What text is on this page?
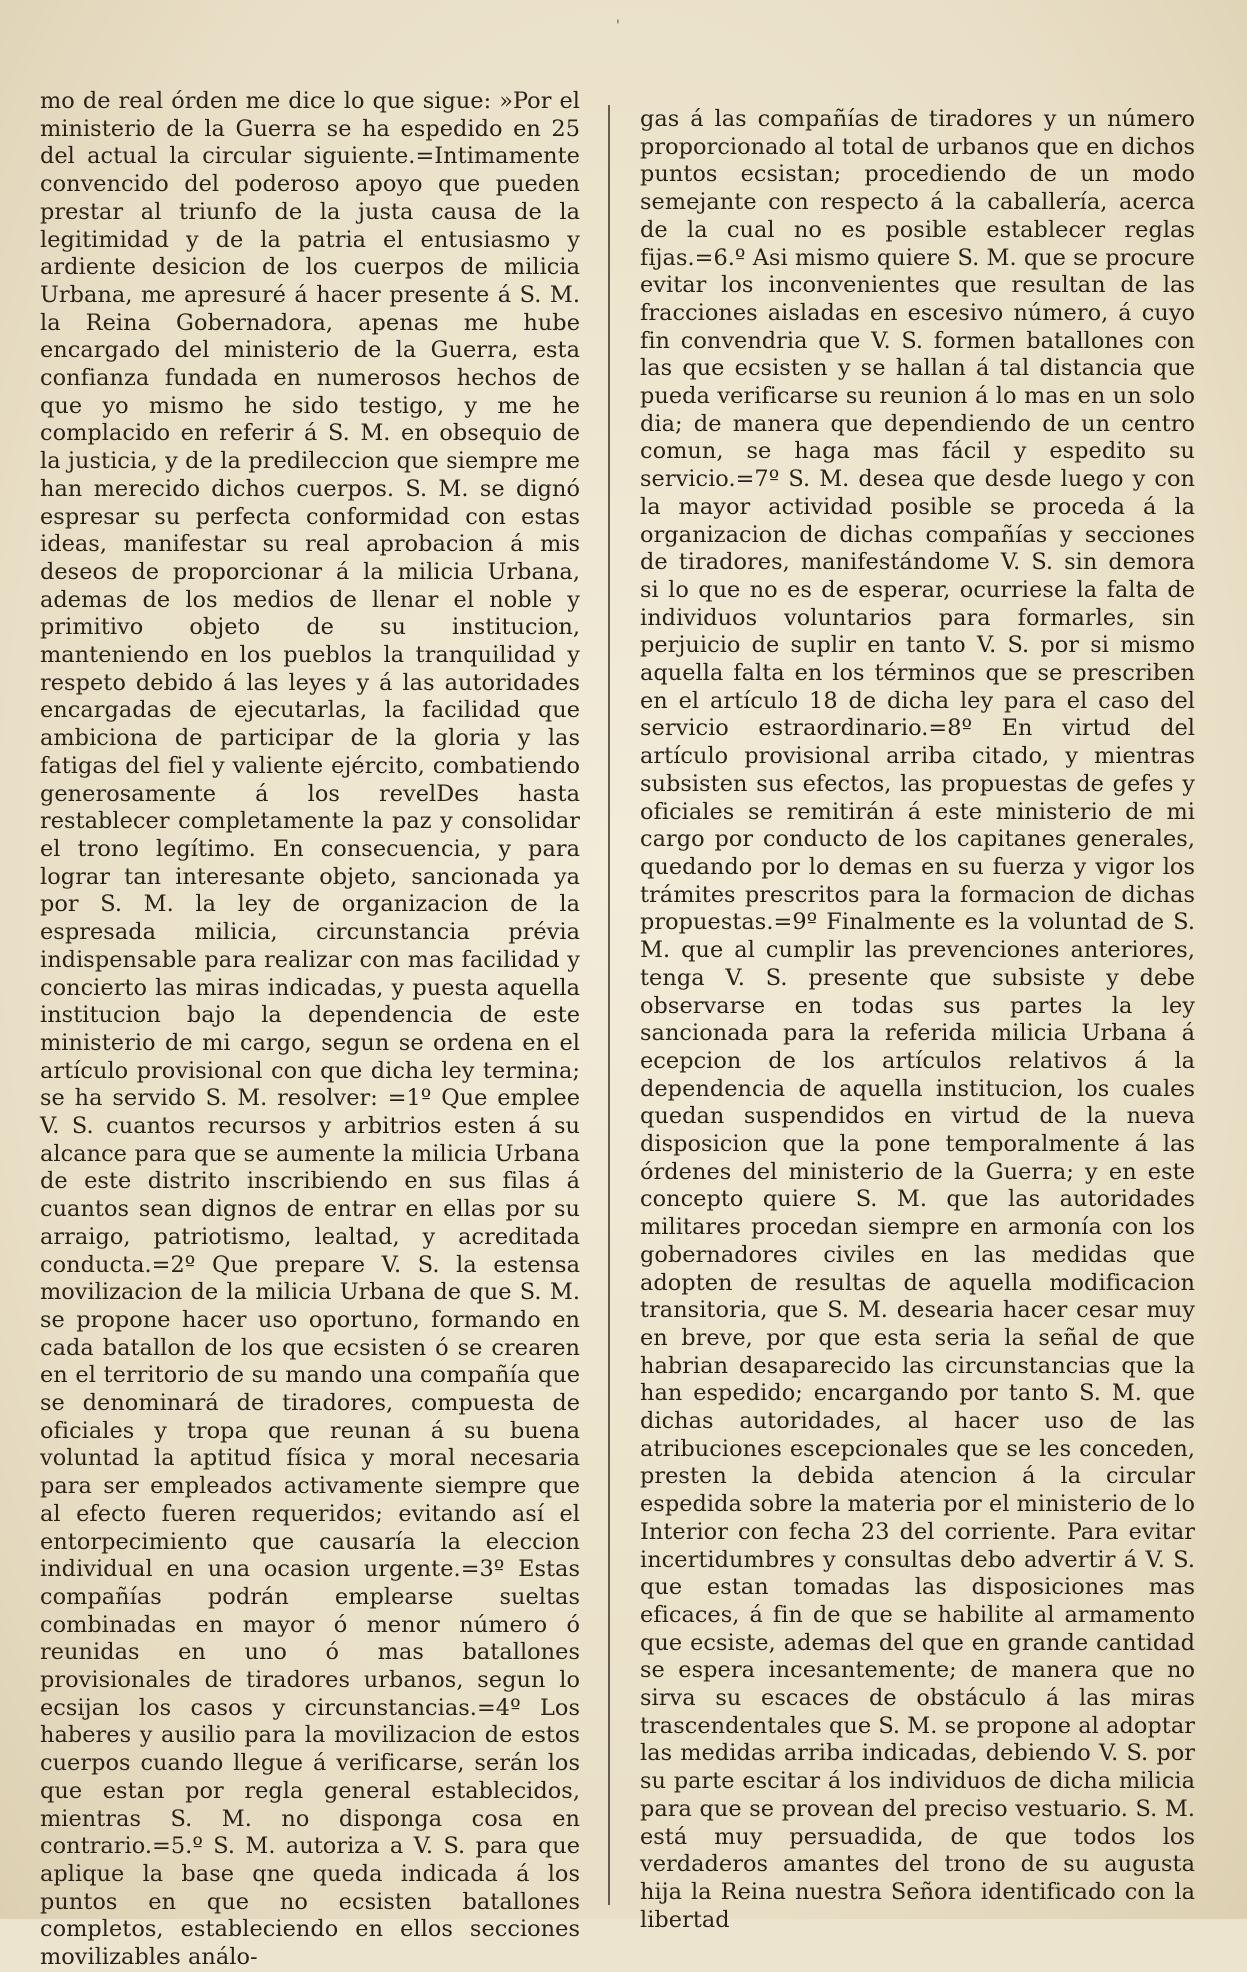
'
mo de real órden me dice lo que sigue: »Por el ministerio de la Guerra se ha espedido en 25 del actual la circular siguiente.=Intimamente convencido del poderoso apoyo que pueden prestar al triunfo de la justa causa de la legitimidad y de la patria el entusiasmo y ardiente desicion de los cuerpos de milicia Urbana, me apresuré á hacer presente á S. M. la Reina Gobernadora, apenas me hube encargado del ministerio de la Guerra, esta confianza fundada en numerosos hechos de que yo mismo he sido testigo, y me he complacido en referir á S. M. en obsequio de la justicia, y de la predileccion que siempre me han merecido dichos cuerpos. S. M. se dignó espresar su perfecta conformidad con estas ideas, manifestar su real aprobacion á mis deseos de proporcionar á la milicia Urbana, ademas de los medios de llenar el noble y primitivo objeto de su institucion, manteniendo en los pueblos la tranquilidad y respeto debido á las leyes y á las autoridades encargadas de ejecutarlas, la facilidad que ambiciona de participar de la gloria y las fatigas del fiel y valiente ejército, combatiendo generosamente á los revelDes hasta restablecer completamente la paz y consolidar el trono legítimo. En consecuencia, y para lograr tan interesante objeto, sancionada ya por S. M. la ley de organizacion de la espresada milicia, circunstancia prévia indispensable para realizar con mas facilidad y concierto las miras indicadas, y puesta aquella institucion bajo la dependencia de este ministerio de mi cargo, segun se ordena en el artículo provisional con que dicha ley termina; se ha servido S. M. resolver: =1º Que emplee V. S. cuantos recursos y arbitrios esten á su alcance para que se aumente la milicia Urbana de este distrito inscribiendo en sus filas á cuantos sean dignos de entrar en ellas por su arraigo, patriotismo, lealtad, y acreditada conducta.=2º Que prepare V. S. la estensa movilizacion de la milicia Urbana de que S. M. se propone hacer uso oportuno, formando en cada batallon de los que ecsisten ó se crearen en el territorio de su mando una compañía que se denominará de tiradores, compuesta de oficiales y tropa que reunan á su buena voluntad la aptitud física y moral necesaria para ser empleados activamente siempre que al efecto fueren requeridos; evitando así el entorpecimiento que causaría la eleccion individual en una ocasion urgente.=3º Estas compañías podrán emplearse sueltas combinadas en mayor ó menor número ó reunidas en uno ó mas batallones provisionales de tiradores urbanos, segun lo ecsijan los casos y circunstancias.=4º Los haberes y ausilio para la movilizacion de estos cuerpos cuando llegue á verificarse, serán los que estan por regla general establecidos, mientras S. M. no disponga cosa en contrario.=5.º S. M. autoriza a V. S. para que aplique la base qne queda indicada á los puntos en que no ecsisten batallones completos, estableciendo en ellos secciones movilizables análo-
gas á las compañías de tiradores y un número proporcionado al total de urbanos que en dichos puntos ecsistan; procediendo de un modo semejante con respecto á la caballería, acerca de la cual no es posible establecer reglas fijas.=6.º Asi mismo quiere S. M. que se procure evitar los inconvenientes que resultan de las fracciones aisladas en escesivo número, á cuyo fin convendria que V. S. formen batallones con las que ecsisten y se hallan á tal distancia que pueda verificarse su reunion á lo mas en un solo dia; de manera que dependiendo de un centro comun, se haga mas fácil y espedito su servicio.=7º S. M. desea que desde luego y con la mayor actividad posible se proceda á la organizacion de dichas compañías y secciones de tiradores, manifestándome V. S. sin demora si lo que no es de esperar, ocurriese la falta de individuos voluntarios para formarles, sin perjuicio de suplir en tanto V. S. por si mismo aquella falta en los términos que se prescriben en el artículo 18 de dicha ley para el caso del servicio estraordinario.=8º En virtud del artículo provisional arriba citado, y mientras subsisten sus efectos, las propuestas de gefes y oficiales se remitirán á este ministerio de mi cargo por conducto de los capitanes generales, quedando por lo demas en su fuerza y vigor los trámites prescritos para la formacion de dichas propuestas.=9º Finalmente es la voluntad de S. M. que al cumplir las prevenciones anteriores, tenga V. S. presente que subsiste y debe observarse en todas sus partes la ley sancionada para la referida milicia Urbana á ecepcion de los artículos relativos á la dependencia de aquella institucion, los cuales quedan suspendidos en virtud de la nueva disposicion que la pone temporalmente á las órdenes del ministerio de la Guerra; y en este concepto quiere S. M. que las autoridades militares procedan siempre en armonía con los gobernadores civiles en las medidas que adopten de resultas de aquella modificacion transitoria, que S. M. desearia hacer cesar muy en breve, por que esta seria la señal de que habrian desaparecido las circunstancias que la han espedido; encargando por tanto S. M. que dichas autoridades, al hacer uso de las atribuciones escepcionales que se les conceden, presten la debida atencion á la circular espedida sobre la materia por el ministerio de lo Interior con fecha 23 del corriente. Para evitar incertidumbres y consultas debo advertir á V. S. que estan tomadas las disposiciones mas eficaces, á fin de que se habilite al armamento que ecsiste, ademas del que en grande cantidad se espera incesantemente; de manera que no sirva su escaces de obstáculo á las miras trascendentales que S. M. se propone al adoptar las medidas arriba indicadas, debiendo V. S. por su parte escitar á los individuos de dicha milicia para que se provean del preciso vestuario. S. M. está muy persuadida, de que todos los verdaderos amantes del trono de su augusta hija la Reina nuestra Señora identificado con la libertad
